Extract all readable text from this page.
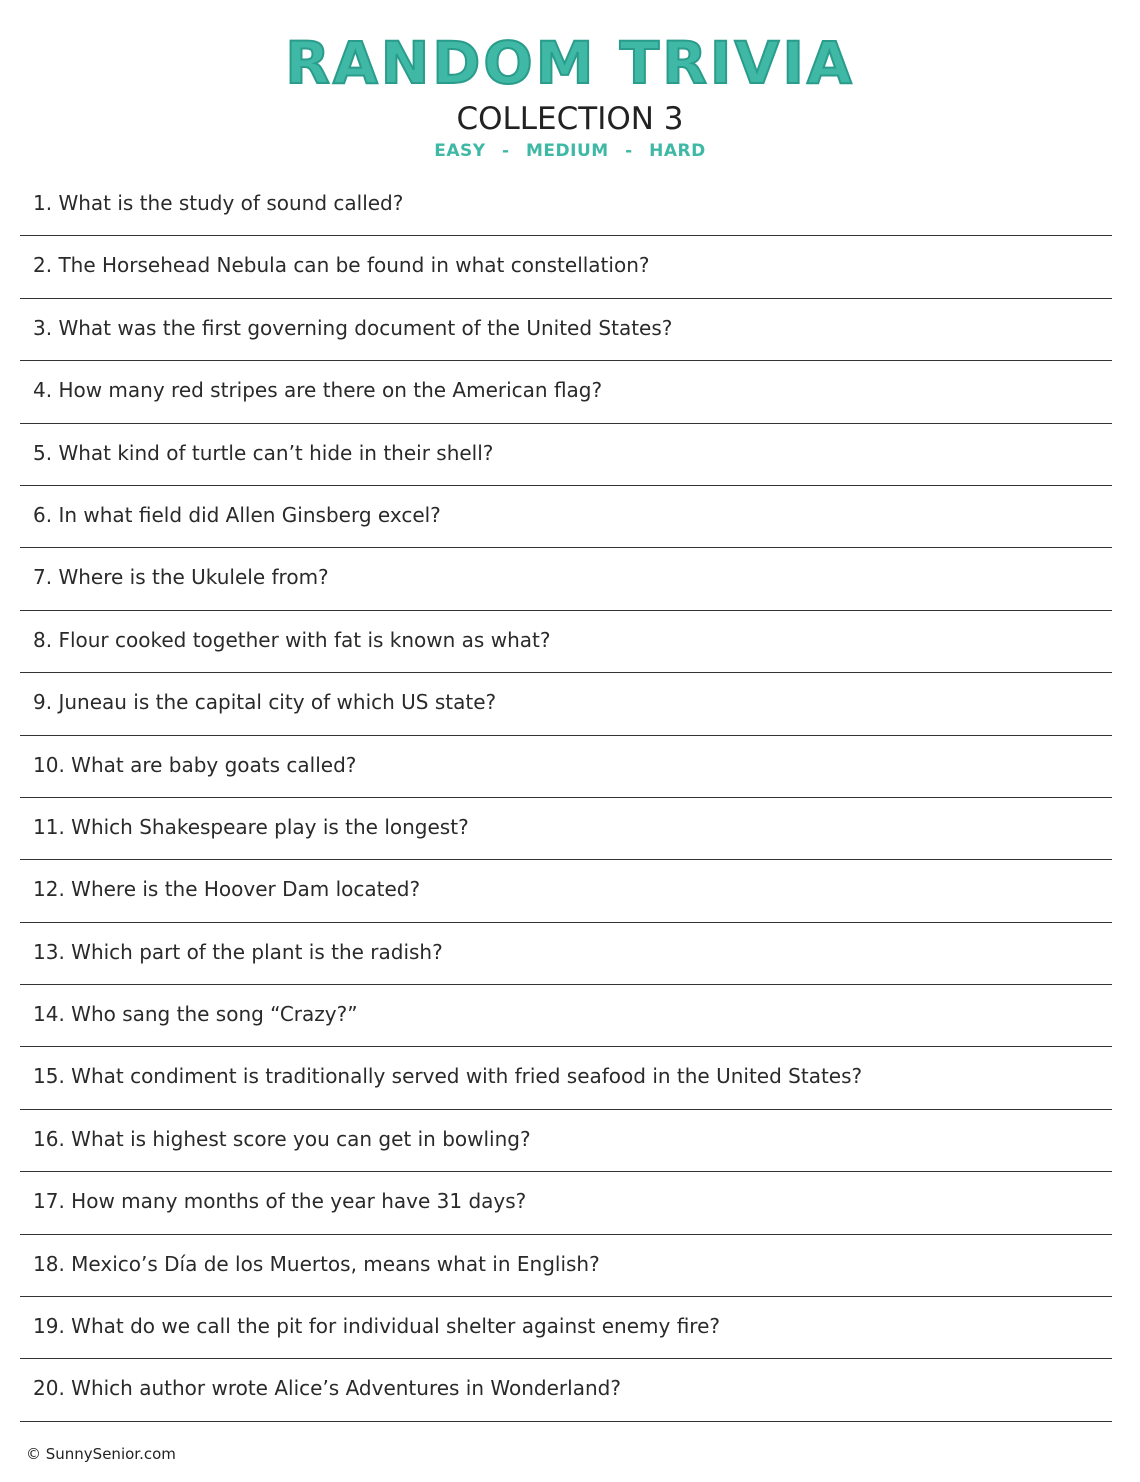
RANDOM TRIVIA
COLLECTION 3
EASY - MEDIUM - HARD
1. What is the study of sound called?
2. The Horsehead Nebula can be found in what constellation?
3. What was the first governing document of the United States?
4. How many red stripes are there on the American flag?
5. What kind of turtle can’t hide in their shell?
6. In what field did Allen Ginsberg excel?
7. Where is the Ukulele from?
8. Flour cooked together with fat is known as what?
9. Juneau is the capital city of which US state?
10. What are baby goats called?
11. Which Shakespeare play is the longest?
12. Where is the Hoover Dam located?
13. Which part of the plant is the radish?
14. Who sang the song “Crazy?”
15. What condiment is traditionally served with fried seafood in the United States?
16. What is highest score you can get in bowling?
17. How many months of the year have 31 days?
18. Mexico’s Día de los Muertos, means what in English?
19. What do we call the pit for individual shelter against enemy fire?
20. Which author wrote Alice’s Adventures in Wonderland?
© SunnySenior.com
